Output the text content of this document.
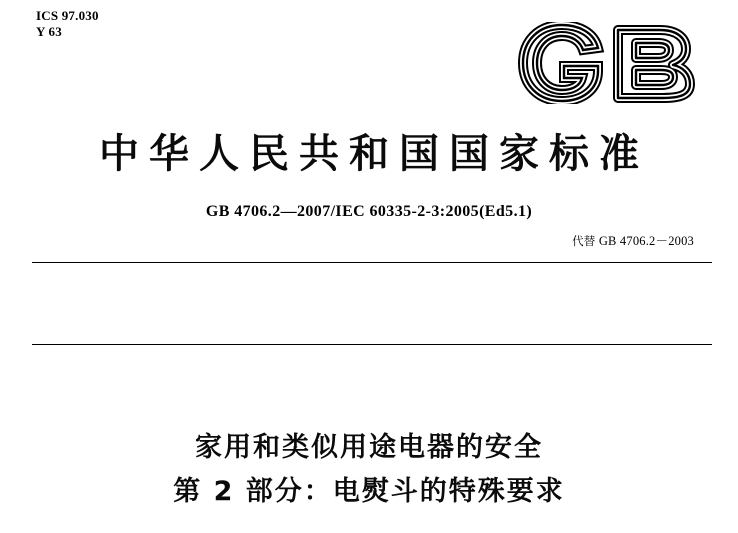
ICS 97.030
Y 63
中华人民共和国国家标准
GB 4706.2—2007/IEC 60335-2-3:2005(Ed5.1)
代替 GB 4706.2－2003
家用和类似用途电器的安全
第 2 部分：电熨斗的特殊要求
